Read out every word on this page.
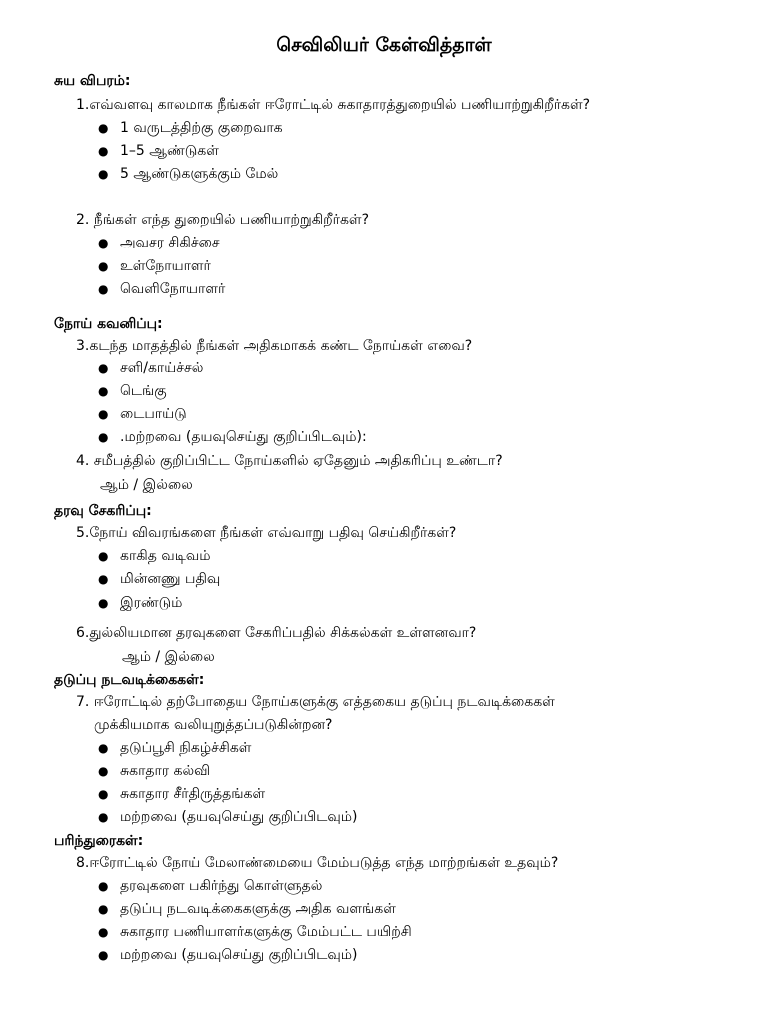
செவிலியர் கேள்வித்தாள்
சுய விபரம்:
1.எவ்வளவு காலமாக நீங்கள் ஈரோட்டில் சுகாதாரத்துறையில் பணியாற்றுகிறீர்கள்?
● 1 வருடத்திற்கு குறைவாக
● 1–5 ஆண்டுகள்
● 5 ஆண்டுகளுக்கும் மேல்
2. நீங்கள் எந்த துறையில் பணியாற்றுகிறீர்கள்?
● அவசர சிகிச்சை
● உள்நோயாளர்
● வெளிநோயாளர்
நோய் கவனிப்பு:
3.கடந்த மாதத்தில் நீங்கள் அதிகமாகக் கண்ட நோய்கள் எவை?
● சளி/காய்ச்சல்
● டெங்கு
● டைபாய்டு
● .மற்றவை (தயவுசெய்து குறிப்பிடவும்):
4. சமீபத்தில் குறிப்பிட்ட நோய்களில் ஏதேனும் அதிகரிப்பு உண்டா?
ஆம் / இல்லை
தரவு சேகரிப்பு:
5.நோய் விவரங்களை நீங்கள் எவ்வாறு பதிவு செய்கிறீர்கள்?
● காகித வடிவம்
● மின்னணு பதிவு
● இரண்டும்
6.துல்லியமான தரவுகளை சேகரிப்பதில் சிக்கல்கள் உள்ளனவா?
ஆம் / இல்லை
தடுப்பு நடவடிக்கைகள்:
7. ஈரோட்டில் தற்போதைய நோய்களுக்கு எத்தகைய தடுப்பு நடவடிக்கைகள்
முக்கியமாக வலியுறுத்தப்படுகின்றன?
● தடுப்பூசி நிகழ்ச்சிகள்
● சுகாதார கல்வி
● சுகாதார சீர்திருத்தங்கள்
● மற்றவை (தயவுசெய்து குறிப்பிடவும்)
பரிந்துரைகள்:
8.ஈரோட்டில் நோய் மேலாண்மையை மேம்படுத்த எந்த மாற்றங்கள் உதவும்?
● தரவுகளை பகிர்ந்து கொள்ளுதல்
● தடுப்பு நடவடிக்கைகளுக்கு அதிக வளங்கள்
● சுகாதார பணியாளர்களுக்கு மேம்பட்ட பயிற்சி
● மற்றவை (தயவுசெய்து குறிப்பிடவும்)
